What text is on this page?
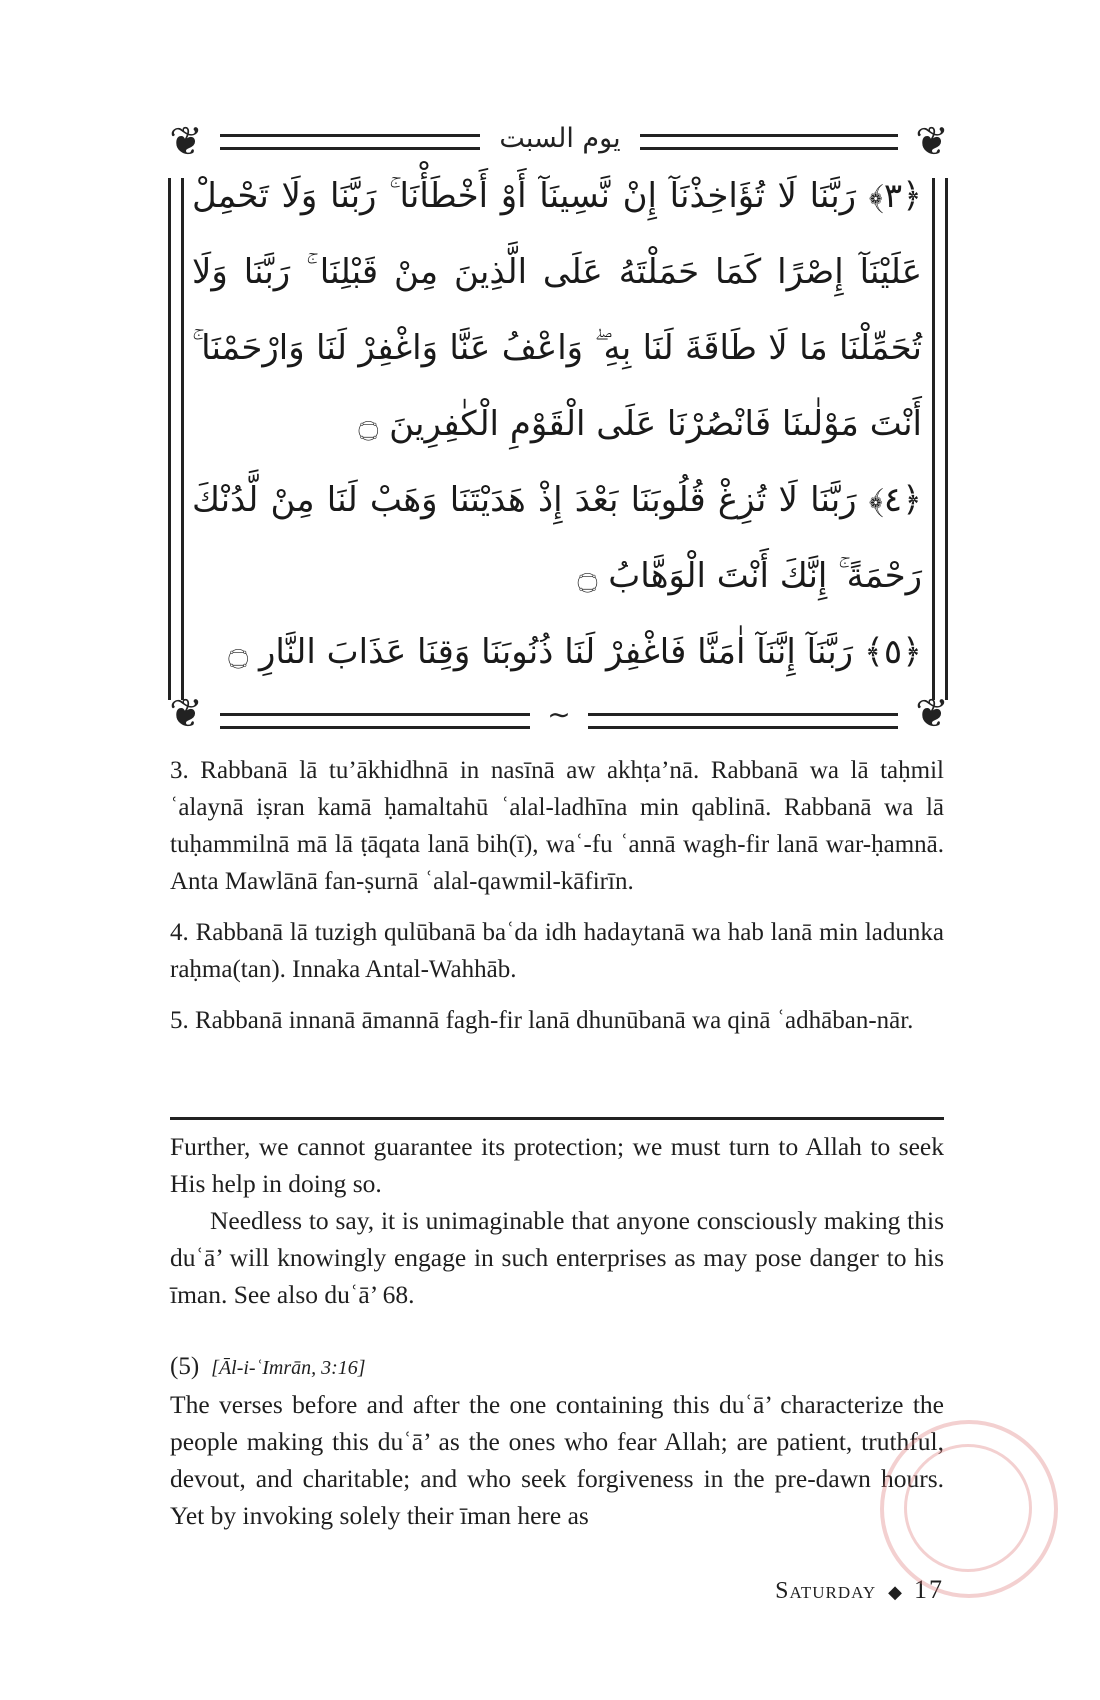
يوم السبت
❦	❦
❦	❦

﴿٣﴾ رَبَّنَا لَا تُؤَاخِذْنَآ إِنْ نَّسِينَآ أَوْ أَخْطَأْنَا ۚ رَبَّنَا وَلَا تَحْمِلْ عَلَيْنَآ إِصْرًا كَمَا حَمَلْتَهُ عَلَى الَّذِينَ مِنْ قَبْلِنَا ۚ رَبَّنَا وَلَا تُحَمِّلْنَا مَا لَا طَاقَةَ لَنَا بِهِ ۖ وَاعْفُ عَنَّا وَاغْفِرْ لَنَا وَارْحَمْنَا ۚ أَنْتَ مَوْلٰىنَا فَانْصُرْنَا عَلَى الْقَوْمِ الْكٰفِرِينَ ۝
﴿٤﴾ رَبَّنَا لَا تُزِغْ قُلُوبَنَا بَعْدَ إِذْ هَدَيْتَنَا وَهَبْ لَنَا مِنْ لَّدُنْكَ رَحْمَةً ۚ إِنَّكَ أَنْتَ الْوَهَّابُ ۝
﴿٥﴾ رَبَّنَآ إِنَّنَآ اٰمَنَّا فَاغْفِرْ لَنَا ذُنُوبَنَا وَقِنَا عَذَابَ النَّارِ ۝

∼

3. Rabbanā lā tu’ākhidhnā in nasīnā aw akhṭa’nā. Rabbanā wa lā taḥmil ʿalaynā iṣran kamā ḥamaltahū ʿalal-ladhīna min qablinā. Rabbanā wa lā tuḥammilnā mā lā ṭāqata lanā bih(ī), waʿ-fu ʿannā wagh-fir lanā war-ḥamnā. Anta Mawlānā fan-ṣurnā ʿalal-qawmil-kāfirīn.

4. Rabbanā lā tuzigh qulūbanā baʿda idh hadaytanā wa hab lanā min ladunka raḥma(tan). Innaka Antal-Wahhāb.

5. Rabbanā innanā āmannā fagh-fir lanā dhunūbanā wa qinā ʿadhāban-nār.

Further, we cannot guarantee its protection; we must turn to Allah to seek His help in doing so.

Needless to say, it is unimaginable that anyone consciously making this duʿā’ will knowingly engage in such enterprises as may pose danger to his īman. See also duʿā’ 68.

(5) [Āl-i-ʿImrān, 3:16]

The verses before and after the one containing this duʿā’ characterize the people making this duʿā’ as the ones who fear Allah; are patient, truthful, devout, and charitable; and who seek forgiveness in the pre-dawn hours. Yet by invoking solely their īman here as

Saturday ◆ 17
